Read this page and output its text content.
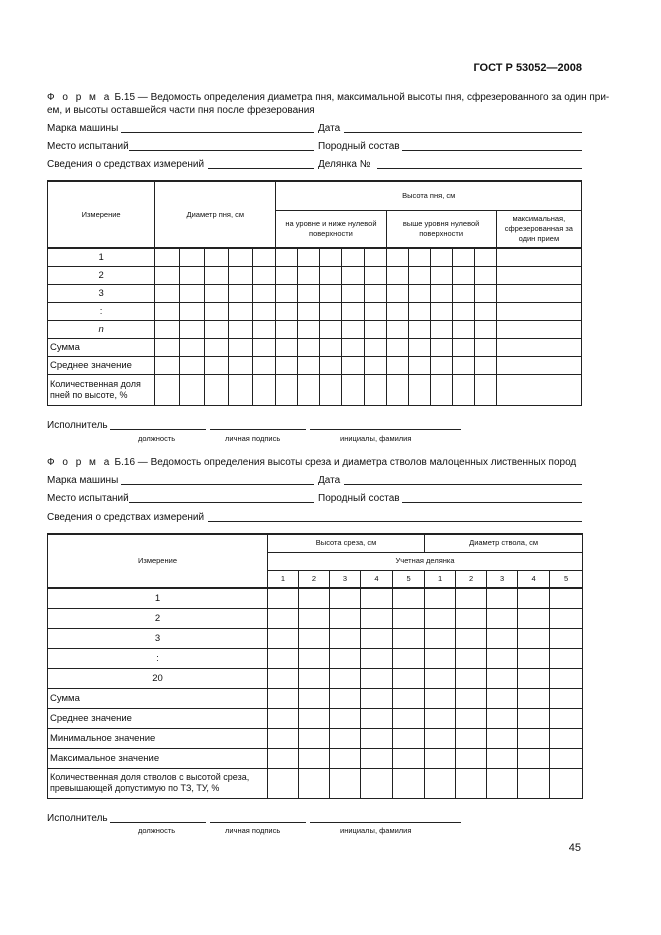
ГОСТ Р 53052—2008
Ф о р м а Б.15 — Ведомость определения диаметра пня, максимальной высоты пня, сфрезерованного за один при-
ем, и высоты оставшейся части пня после фрезерования
Марка машины	Дата
Место испытаний	Породный состав
Сведения о средствах измерений	Делянка №
Измерение	Диаметр пня, см					Высота пня, см										
						на уровне и ниже нулевой поверхности					выше уровня нулевой поверхности					максимальная, сфрезерованная за один прием
1																
2																
3																
:																
n																
Сумма																
Среднее значение																
Количественная доля пней по высоте, %																
Исполнитель
должность	личная подпись	инициалы, фамилия
Ф о р м а Б.16 — Ведомость определения высоты среза и диаметра стволов малоценных лиственных пород
Марка машины	Дата
Место испытаний	Породный состав
Сведения о средствах измерений
Измерение	Высота среза, см					Диаметр ствола, см				
	Учетная делянка									
	1	2	3	4	5	1	2	3	4	5
1										
2										
3										
:										
20										
Сумма										
Среднее значение										
Минимальное значение										
Максимальное значение										
Количественная доля стволов с высотой среза, превышающей допустимую по ТЗ, ТУ, %										
Исполнитель
должность	личная подпись	инициалы, фамилия
45
